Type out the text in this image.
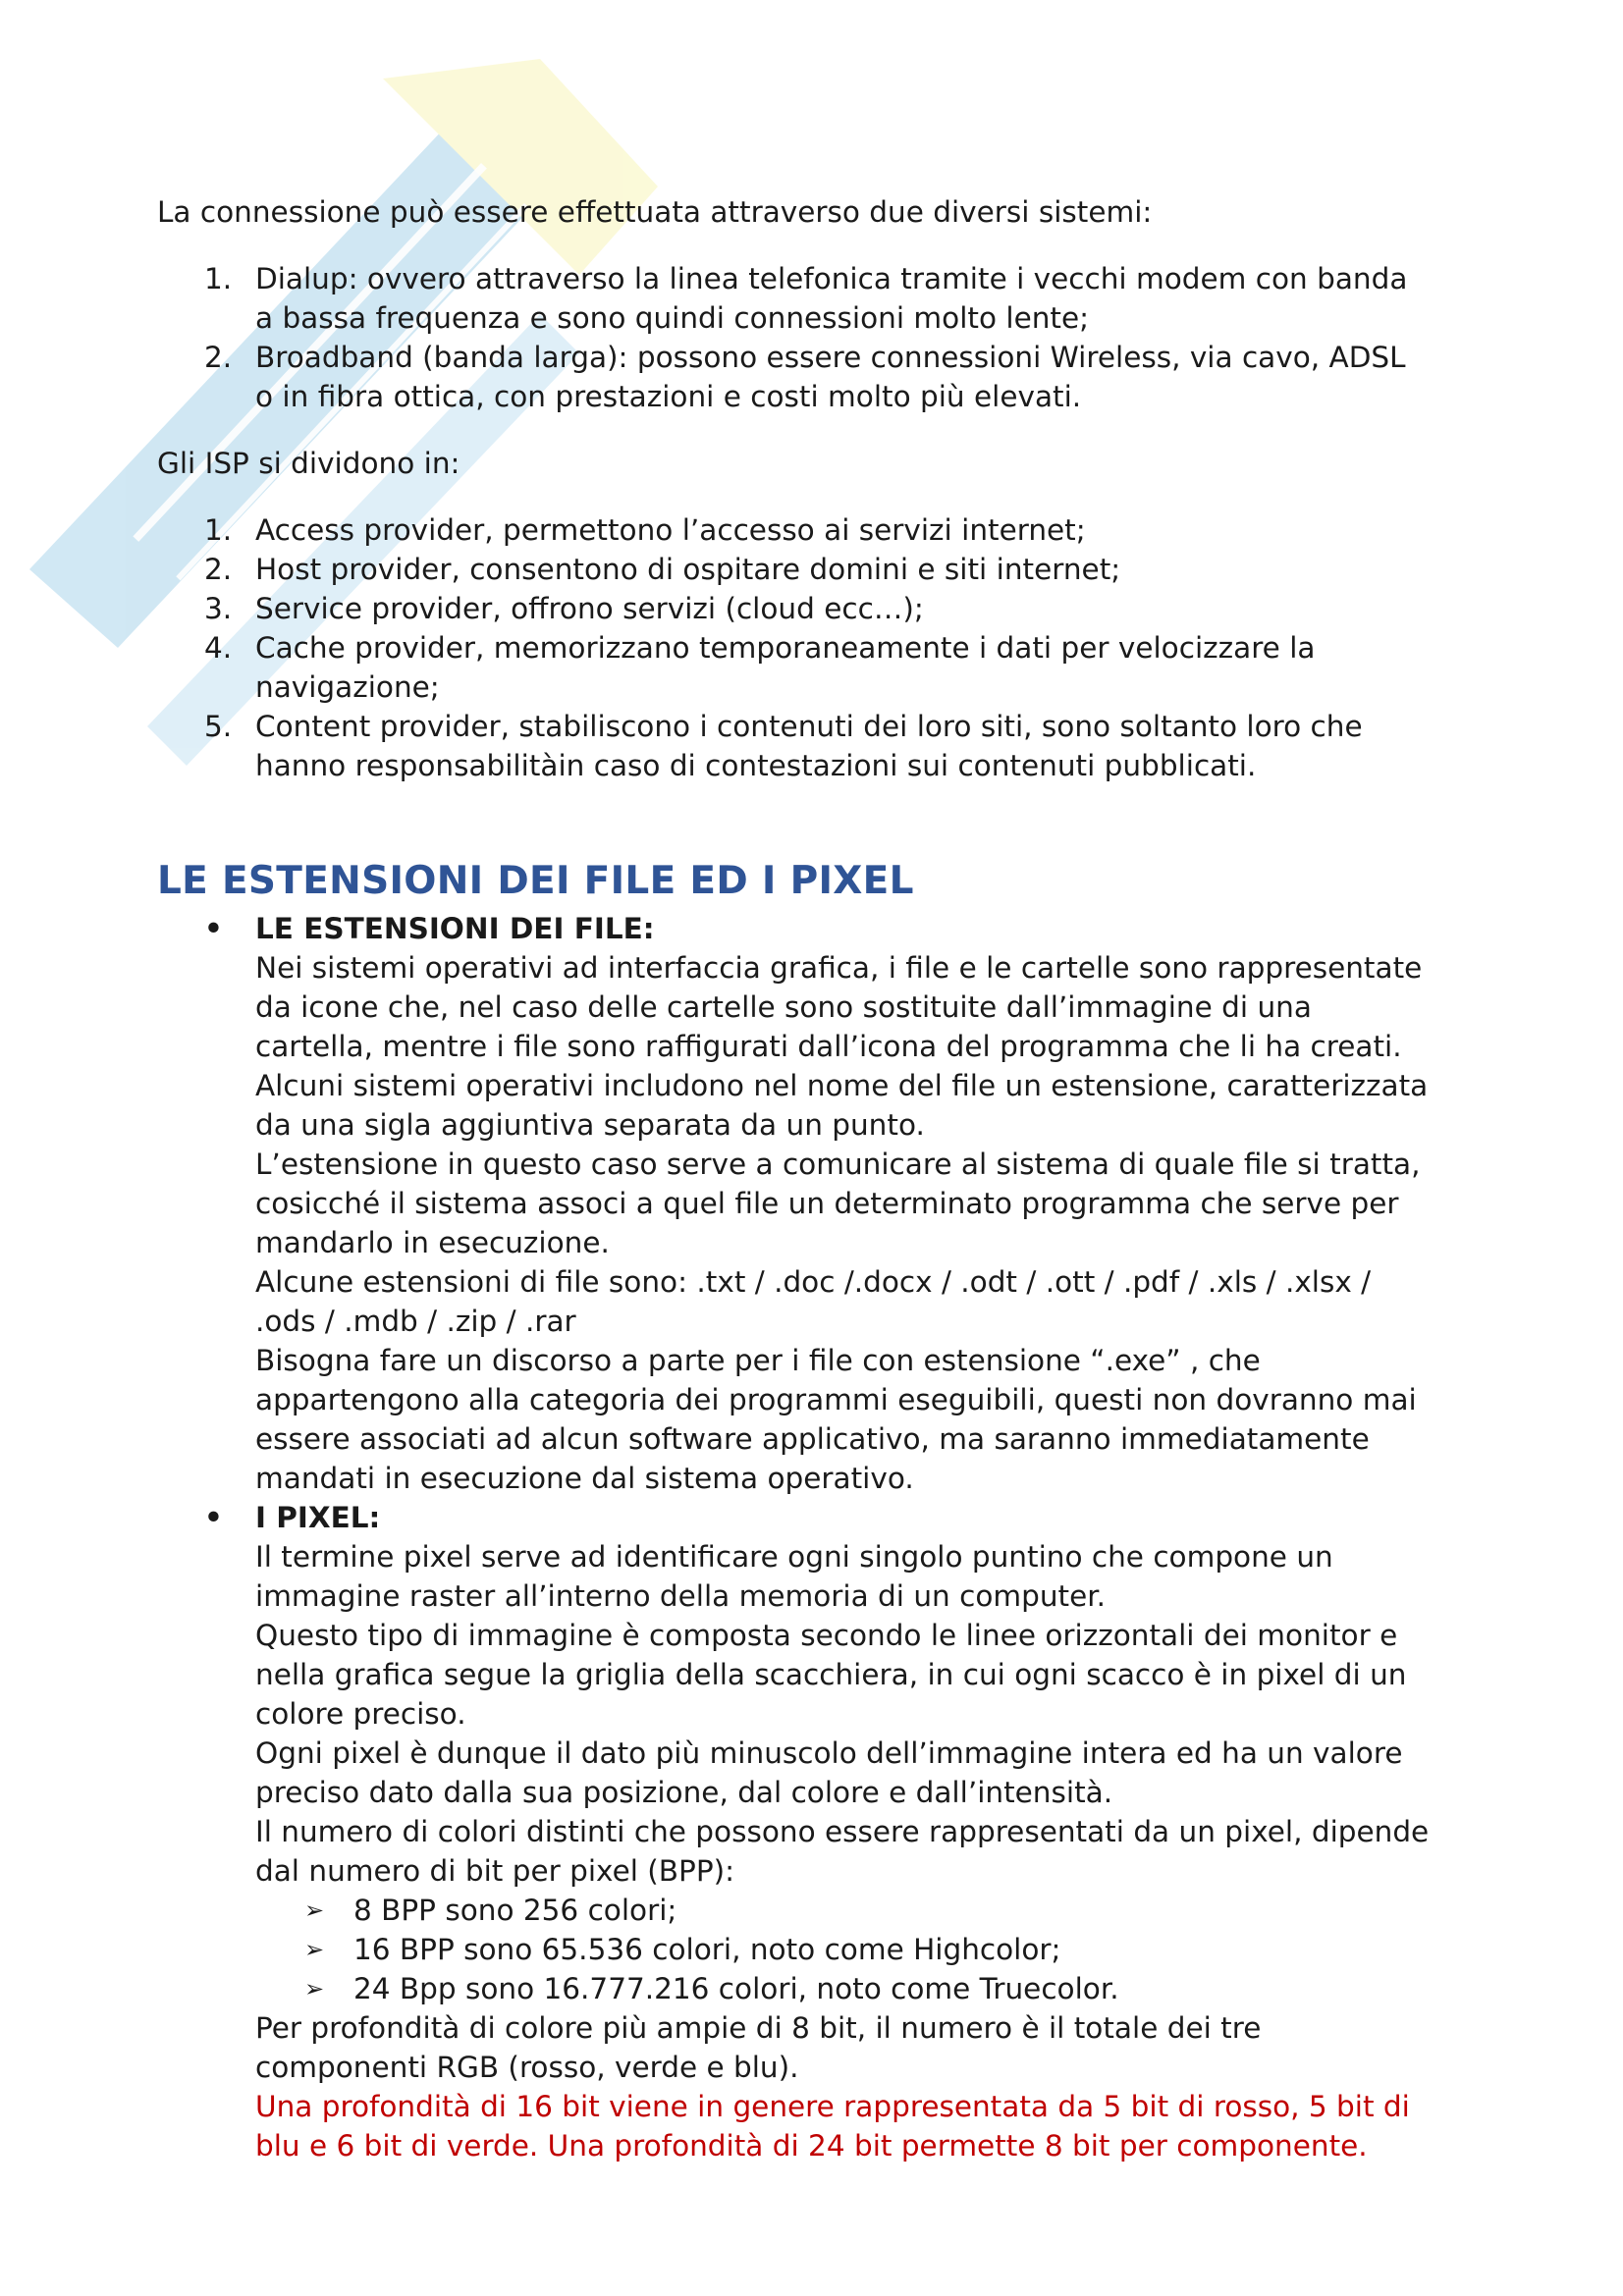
La connessione può essere effettuata attraverso due diversi sistemi:

1. Dialup: ovvero attraverso la linea telefonica tramite i vecchi modem con banda
a bassa frequenza e sono quindi connessioni molto lente;
2. Broadband (banda larga): possono essere connessioni Wireless, via cavo, ADSL
o in fibra ottica, con prestazioni e costi molto più elevati.

Gli ISP si dividono in:

1. Access provider, permettono l’accesso ai servizi internet;
2. Host provider, consentono di ospitare domini e siti internet;
3. Service provider, offrono servizi (cloud ecc…);
4. Cache provider, memorizzano temporaneamente i dati per velocizzare la
navigazione;
5. Content provider, stabiliscono i contenuti dei loro siti, sono soltanto loro che
hanno responsabilitàin caso di contestazioni sui contenuti pubblicati.
LE ESTENSIONI DEI FILE ED I PIXEL
• LE ESTENSIONI DEI FILE:
Nei sistemi operativi ad interfaccia grafica, i file e le cartelle sono rappresentate
da icone che, nel caso delle cartelle sono sostituite dall’immagine di una
cartella, mentre i file sono raffigurati dall’icona del programma che li ha creati.
Alcuni sistemi operativi includono nel nome del file un estensione, caratterizzata
da una sigla aggiuntiva separata da un punto.
L’estensione in questo caso serve a comunicare al sistema di quale file si tratta,
cosicché il sistema associ a quel file un determinato programma che serve per
mandarlo in esecuzione.
Alcune estensioni di file sono: .txt / .doc /.docx / .odt / .ott / .pdf / .xls / .xlsx /
.ods / .mdb / .zip / .rar
Bisogna fare un discorso a parte per i file con estensione “.exe” , che
appartengono alla categoria dei programmi eseguibili, questi non dovranno mai
essere associati ad alcun software applicativo, ma saranno immediatamente
mandati in esecuzione dal sistema operativo.
• I PIXEL:
Il termine pixel serve ad identificare ogni singolo puntino che compone un
immagine raster all’interno della memoria di un computer.
Questo tipo di immagine è composta secondo le linee orizzontali dei monitor e
nella grafica segue la griglia della scacchiera, in cui ogni scacco è in pixel di un
colore preciso.
Ogni pixel è dunque il dato più minuscolo dell’immagine intera ed ha un valore
preciso dato dalla sua posizione, dal colore e dall’intensità.
Il numero di colori distinti che possono essere rappresentati da un pixel, dipende
dal numero di bit per pixel (BPP):
➢ 8 BPP sono 256 colori;
➢ 16 BPP sono 65.536 colori, noto come Highcolor;
➢ 24 Bpp sono 16.777.216 colori, noto come Truecolor.
Per profondità di colore più ampie di 8 bit, il numero è il totale dei tre
componenti RGB (rosso, verde e blu).
Una profondità di 16 bit viene in genere rappresentata da 5 bit di rosso, 5 bit di
blu e 6 bit di verde. Una profondità di 24 bit permette 8 bit per componente.
